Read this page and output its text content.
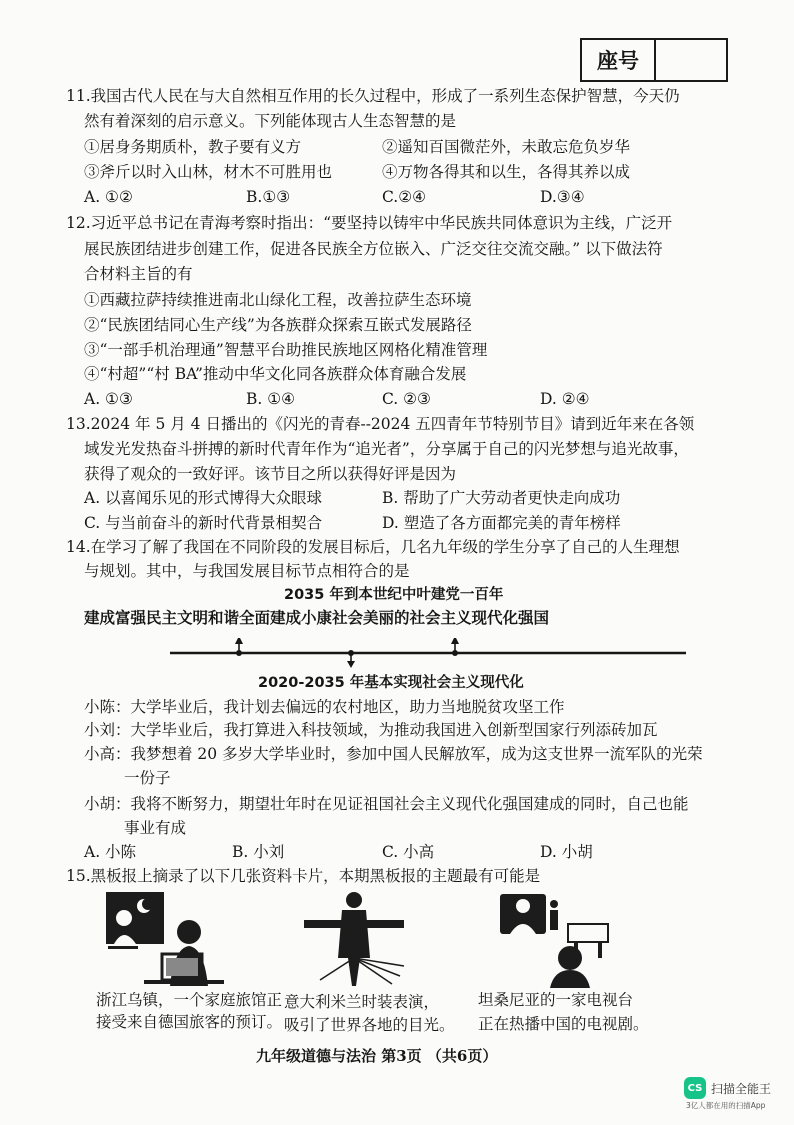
座号
11.我国古代人民在与大自然相互作用的长久过程中，形成了一系列生态保护智慧，今天仍
然有着深刻的启示意义。下列能体现古人生态智慧的是
①居身务期质朴，教子要有义方	②遥知百国微茫外，未敢忘危负岁华
③斧斤以时入山林，材木不可胜用也	④万物各得其和以生，各得其养以成
A. ①②	B.①③	C.②④	D.③④
12.习近平总书记在青海考察时指出：“要坚持以铸牢中华民族共同体意识为主线，广泛开
展民族团结进步创建工作，促进各民族全方位嵌入、广泛交往交流交融。” 以下做法符
合材料主旨的有
①西藏拉萨持续推进南北山绿化工程，改善拉萨生态环境
②“民族团结同心生产线”为各族群众探索互嵌式发展路径
③“一部手机治理通”智慧平台助推民族地区网格化精准管理
④“村超”“村 BA”推动中华文化同各族群众体育融合发展
A. ①③	B. ①④	C. ②③	D. ②④
13.2024 年 5 月 4 日播出的《闪光的青春--2024 五四青年节特别节目》请到近年来在各领
域发光发热奋斗拼搏的新时代青年作为“追光者”，分享属于自己的闪光梦想与追光故事，
获得了观众的一致好评。该节目之所以获得好评是因为
A. 以喜闻乐见的形式博得大众眼球	B. 帮助了广大劳动者更快走向成功
C. 与当前奋斗的新时代背景相契合	D. 塑造了各方面都完美的青年榜样
14.在学习了解了我国在不同阶段的发展目标后，几名九年级的学生分享了自己的人生理想
与规划。其中，与我国发展目标节点相符合的是
2035 年到本世纪中叶建党一百年
建成富强民主文明和谐全面建成小康社会美丽的社会主义现代化强国
2020-2035 年基本实现社会主义现代化
小陈：大学毕业后，我计划去偏远的农村地区，助力当地脱贫攻坚工作
小刘：大学毕业后，我打算进入科技领域，为推动我国进入创新型国家行列添砖加瓦
小高：我梦想着 20 多岁大学毕业时，参加中国人民解放军，成为这支世界一流军队的光荣
一份子
小胡：我将不断努力，期望壮年时在见证祖国社会主义现代化强国建成的同时，自己也能
事业有成
A. 小陈	B. 小刘	C. 小高	D. 小胡
15.黑板报上摘录了以下几张资料卡片，本期黑板报的主题最有可能是
浙江乌镇，一个家庭旅馆正
接受来自德国旅客的预订。
意大利米兰时装表演，
吸引了世界各地的目光。
坦桑尼亚的一家电视台
正在热播中国的电视剧。
九年级道德与法治 第3页 （共6页）
CS 扫描全能王
3亿人都在用的扫描App
